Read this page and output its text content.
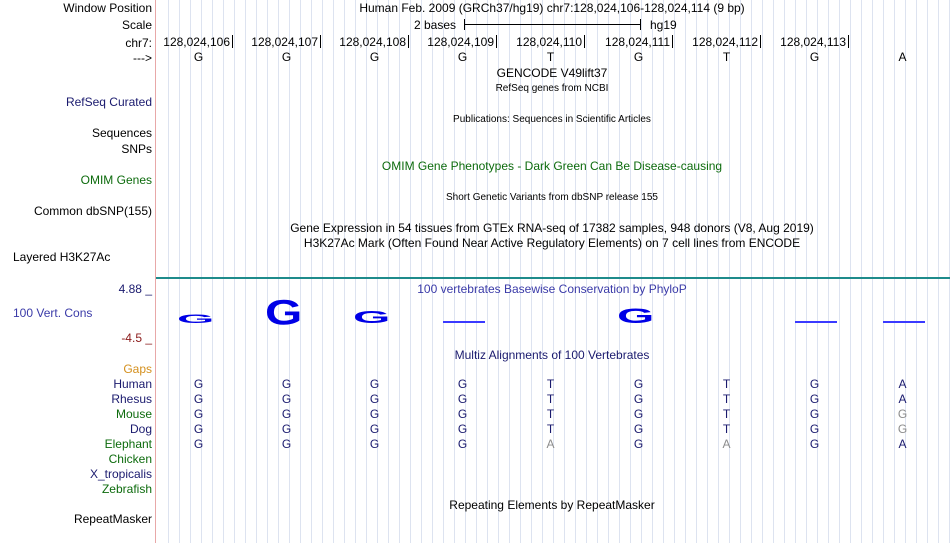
Window Position	Human Feb. 2009 (GRCh37/hg19) chr7:128,024,106-128,024,114 (9 bp)
Scale	2 bases	hg19
chr7: 128,024,106 128,024,107 128,024,108 128,024,109 128,024,110 128,024,111 128,024,112 128,024,113
--->	G	G	G	G	T	G	T	G	A
GENCODE V49lift37
RefSeq genes from NCBI
RefSeq Curated
Publications: Sequences in Scientific Articles
Sequences
SNPs
OMIM Gene Phenotypes - Dark Green Can Be Disease-causing
OMIM Genes
Short Genetic Variants from dbSNP release 155
Common dbSNP(155)
Gene Expression in 54 tissues from GTEx RNA-seq of 17382 samples, 948 donors (V8, Aug 2019)
H3K27Ac Mark (Often Found Near Active Regulatory Elements) on 7 cell lines from ENCODE
Layered H3K27Ac
4.88 _	100 vertebrates Basewise Conservation by PhyloP
100 Vert. Cons
-4.5 _
G G G	G
Multiz Alignments of 100 Vertebrates
Gaps
Human	G	G	G	G	T	G	T	G	A
Rhesus	G	G	G	G	T	G	T	G	A
Mouse	G	G	G	G	T	G	T	G	G
Dog	G	G	G	G	T	G	T	G	G
Elephant	G	G	G	G	A	G	A	G	A
Chicken
X_tropicalis
Zebrafish
Repeating Elements by RepeatMasker
RepeatMasker
